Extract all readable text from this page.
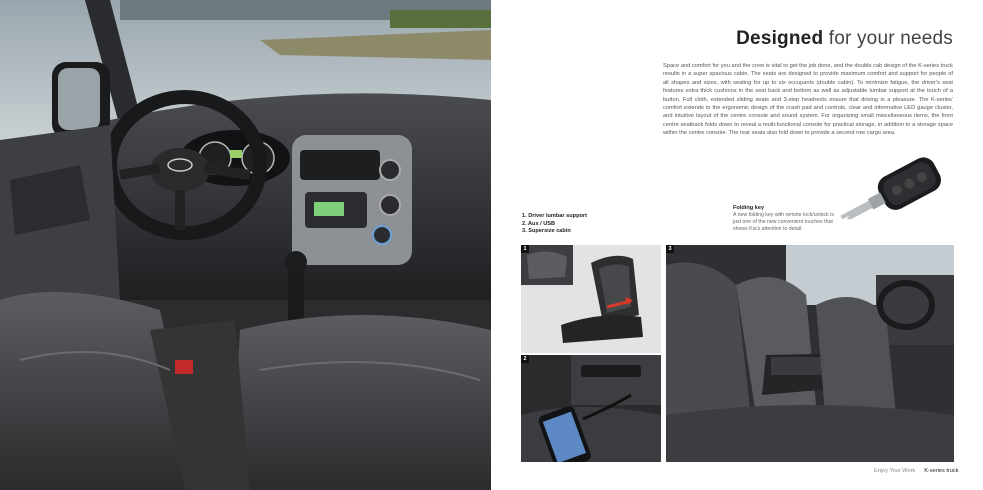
Designed for your needs
Space and comfort for you and the crew is vital to get the job done, and the double cab design of the K-series truck results in a super spacious cabin. The seats are designed to provide maximum comfort and support for people of all shapes and sizes, with seating for up to six occupants (double cabin). To minimize fatigue, the driver's seat features extra thick cushions in the seat back and bottom as well as adjustable lumbar support at the touch of a button. Full cloth, extended sliding seats and 3-step headrests ensure that driving is a pleasure. The K-series' comfort extends to the ergonomic design of the crash pad and controls, clear and informative LED gauge cluster, and intuitive layout of the centre console and sound system. For organizing small miscellaneous items, the front centre seatback folds down to reveal a multi-functional console for practical storage, in addition to a storage space within the centre console. The rear seats also fold down to provide a second row cargo area.
1. Driver lumbar support
2. Aux / USB
3. Supersize cabin
Folding key
A new folding key with remote lock/unlock is just one of the new convenient touches that shows Kia's attention to detail.
1
2
3
Enjoy Your Work K-series truck
